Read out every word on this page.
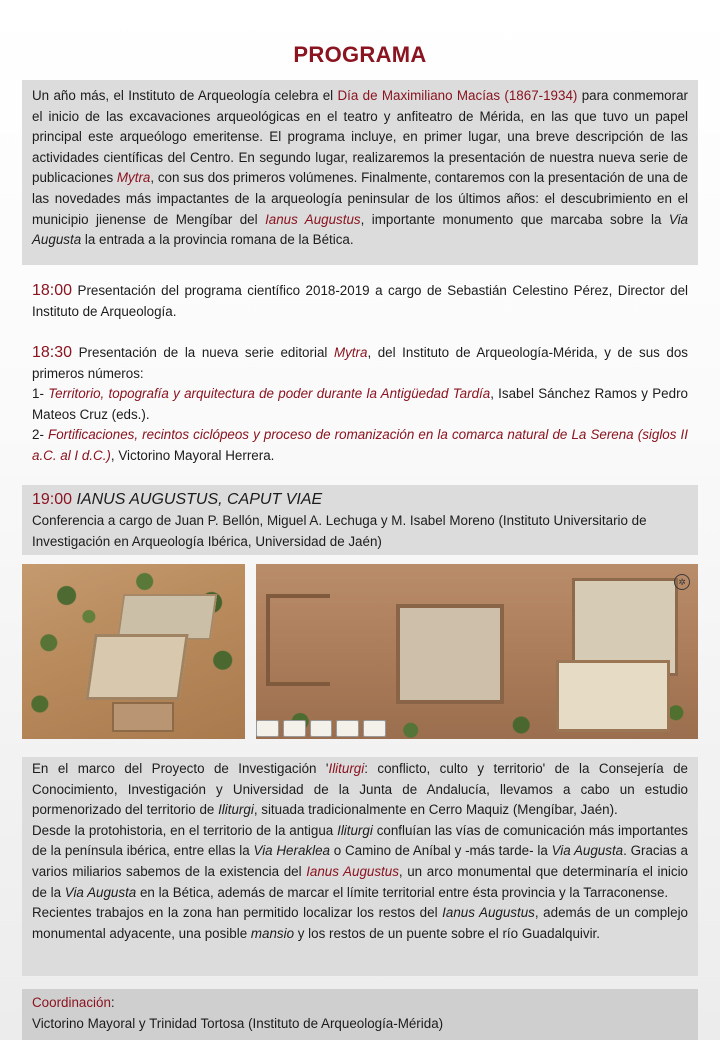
PROGRAMA

Un año más, el Instituto de Arqueología celebra el Día de Maximiliano Macías (1867-1934) para conmemorar el inicio de las excavaciones arqueológicas en el teatro y anfiteatro de Mérida, en las que tuvo un papel principal este arqueólogo emeritense. El programa incluye, en primer lugar, una breve descripción de las actividades científicas del Centro. En segundo lugar, realizaremos la presentación de nuestra nueva serie de publicaciones Mytra, con sus dos primeros volúmenes. Finalmente, contaremos con la presentación de una de las novedades más impactantes de la arqueología peninsular de los últimos años: el descubrimiento en el municipio jienense de Mengíbar del Ianus Augustus, importante monumento que marcaba sobre la Via Augusta la entrada a la provincia romana de la Bética.

18:00 Presentación del programa científico 2018-2019 a cargo de Sebastián Celestino Pérez, Director del Instituto de Arqueología.

18:30 Presentación de la nueva serie editorial Mytra, del Instituto de Arqueología-Mérida, y de sus dos primeros números:

1- Territorio, topografía y arquitectura de poder durante la Antigüedad Tardía, Isabel Sánchez Ramos y Pedro Mateos Cruz (eds.).

2- Fortificaciones, recintos ciclópeos y proceso de romanización en la comarca natural de La Serena (siglos II a.C. al I d.C.), Victorino Mayoral Herrera.

19:00 IANUS AUGUSTUS, CAPUT VIAE

Conferencia a cargo de Juan P. Bellón, Miguel A. Lechuga y M. Isabel Moreno (Instituto Universitario de Investigación en Arqueología Ibérica, Universidad de Jaén)

✲

En el marco del Proyecto de Investigación 'Iliturgi: conflicto, culto y territorio' de la Consejería de Conocimiento, Investigación y Universidad de la Junta de Andalucía, llevamos a cabo un estudio pormenorizado del territorio de Iliturgi, situada tradicionalmente en Cerro Maquiz (Mengíbar, Jaén).

Desde la protohistoria, en el territorio de la antigua Iliturgi confluían las vías de comunicación más importantes de la península ibérica, entre ellas la Via Heraklea o Camino de Aníbal y -más tarde- la Via Augusta. Gracias a varios miliarios sabemos de la existencia del Ianus Augustus, un arco monumental que determinaría el inicio de la Via Augusta en la Bética, además de marcar el límite territorial entre ésta provincia y la Tarraconense.

Recientes trabajos en la zona han permitido localizar los restos del Ianus Augustus, además de un complejo monumental adyacente, una posible mansio y los restos de un puente sobre el río Guadalquivir.

Coordinación:

Victorino Mayoral y Trinidad Tortosa (Instituto de Arqueología-Mérida)
